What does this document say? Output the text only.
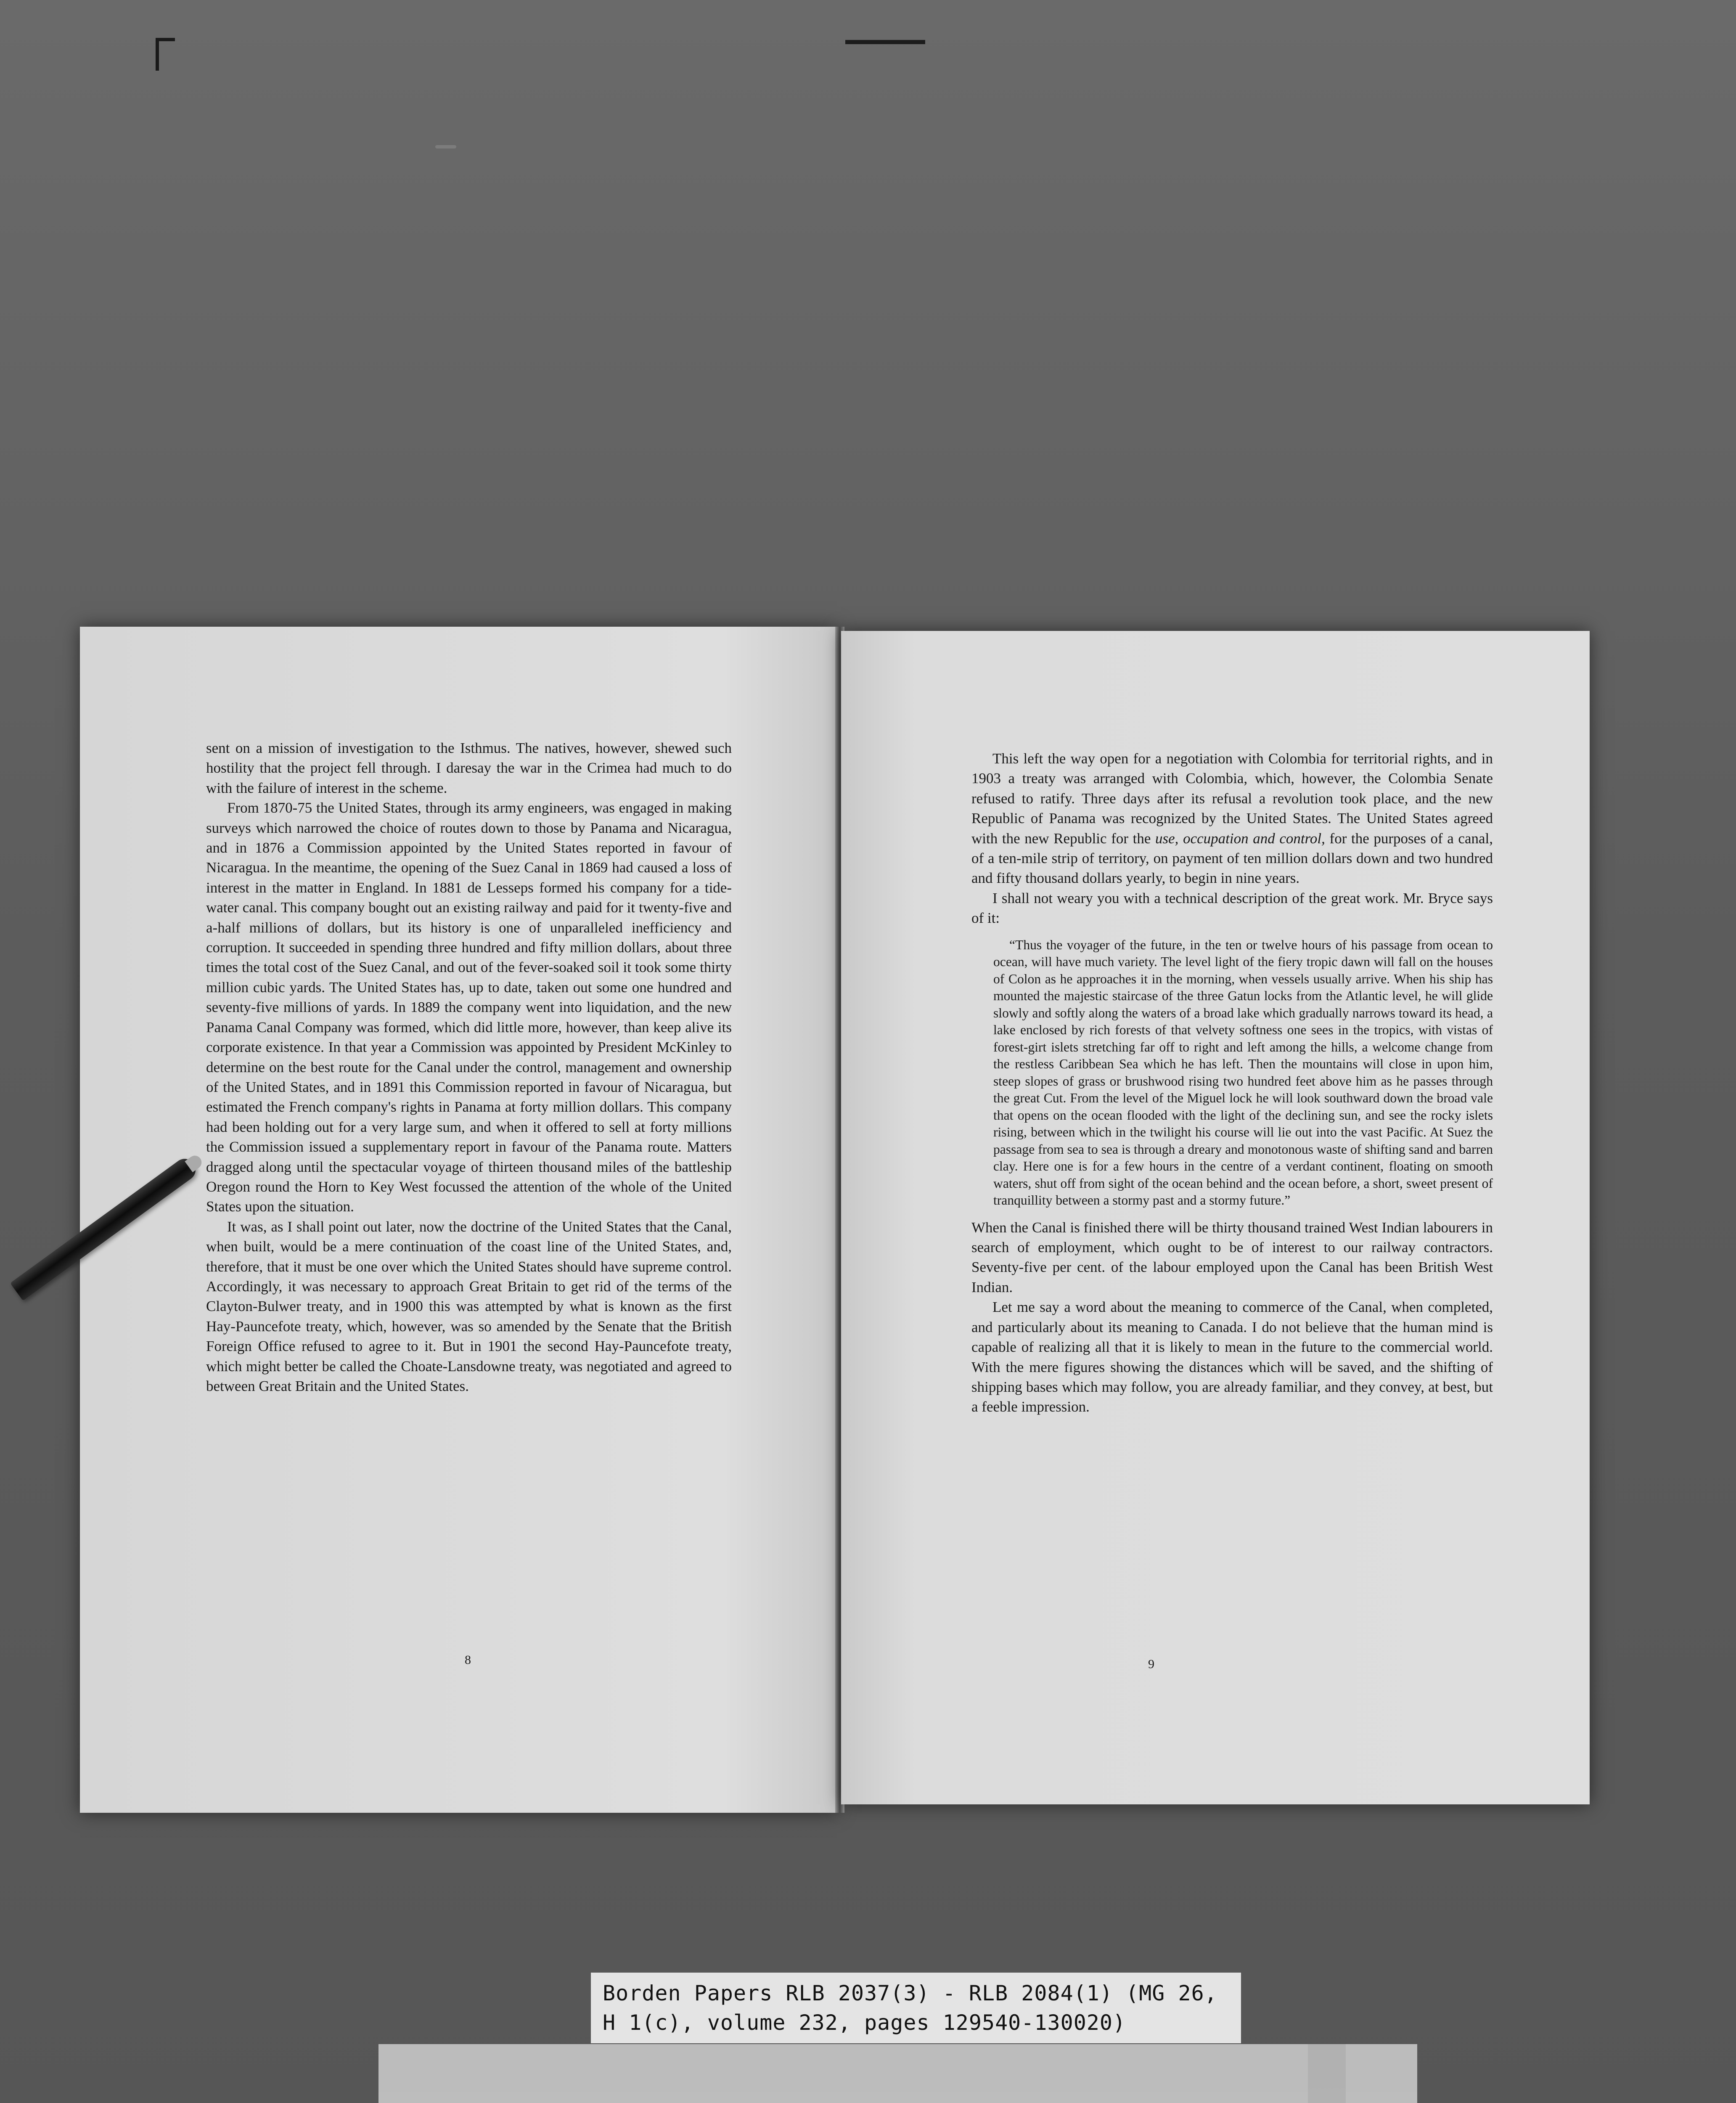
sent on a mission of investigation to the Isthmus. The natives, however, shewed such hostility that the project fell through. I daresay the war in the Crimea had much to do with the failure of interest in the scheme.

From 1870-75 the United States, through its army engineers, was engaged in making surveys which narrowed the choice of routes down to those by Panama and Nicaragua, and in 1876 a Commission appointed by the United States reported in favour of Nicaragua. In the meantime, the opening of the Suez Canal in 1869 had caused a loss of interest in the matter in England. In 1881 de Lesseps formed his company for a tide-water canal. This company bought out an existing railway and paid for it twenty-five and a-half millions of dollars, but its history is one of unparalleled inefficiency and corruption. It succeeded in spending three hundred and fifty million dollars, about three times the total cost of the Suez Canal, and out of the fever-soaked soil it took some thirty million cubic yards. The United States has, up to date, taken out some one hundred and seventy-five millions of yards. In 1889 the company went into liquidation, and the new Panama Canal Company was formed, which did little more, however, than keep alive its corporate existence. In that year a Commission was appointed by President McKinley to determine on the best route for the Canal under the control, management and ownership of the United States, and in 1891 this Commission reported in favour of Nicaragua, but estimated the French company's rights in Panama at forty million dollars. This company had been holding out for a very large sum, and when it offered to sell at forty millions the Commission issued a supplementary report in favour of the Panama route. Matters dragged along until the spectacular voyage of thirteen thousand miles of the battleship Oregon round the Horn to Key West focussed the attention of the whole of the United States upon the situation.

It was, as I shall point out later, now the doctrine of the United States that the Canal, when built, would be a mere continuation of the coast line of the United States, and, therefore, that it must be one over which the United States should have supreme control. Accordingly, it was necessary to approach Great Britain to get rid of the terms of the Clayton-Bulwer treaty, and in 1900 this was attempted by what is known as the first Hay-Pauncefote treaty, which, however, was so amended by the Senate that the British Foreign Office refused to agree to it. But in 1901 the second Hay-Pauncefote treaty, which might better be called the Choate-Lansdowne treaty, was negotiated and agreed to between Great Britain and the United States.

8

This left the way open for a negotiation with Colombia for territorial rights, and in 1903 a treaty was arranged with Colombia, which, however, the Colombia Senate refused to ratify. Three days after its refusal a revolution took place, and the new Republic of Panama was recognized by the United States. The United States agreed with the new Republic for the use, occupation and control, for the purposes of a canal, of a ten-mile strip of territory, on payment of ten million dollars down and two hundred and fifty thousand dollars yearly, to begin in nine years.

I shall not weary you with a technical description of the great work. Mr. Bryce says of it:

“Thus the voyager of the future, in the ten or twelve hours of his passage from ocean to ocean, will have much variety. The level light of the fiery tropic dawn will fall on the houses of Colon as he approaches it in the morning, when vessels usually arrive. When his ship has mounted the majestic staircase of the three Gatun locks from the Atlantic level, he will glide slowly and softly along the waters of a broad lake which gradually narrows toward its head, a lake enclosed by rich forests of that velvety softness one sees in the tropics, with vistas of forest-girt islets stretching far off to right and left among the hills, a welcome change from the restless Caribbean Sea which he has left. Then the mountains will close in upon him, steep slopes of grass or brushwood rising two hundred feet above him as he passes through the great Cut. From the level of the Miguel lock he will look southward down the broad vale that opens on the ocean flooded with the light of the declining sun, and see the rocky islets rising, between which in the twilight his course will lie out into the vast Pacific. At Suez the passage from sea to sea is through a dreary and monotonous waste of shifting sand and barren clay. Here one is for a few hours in the centre of a verdant continent, floating on smooth waters, shut off from sight of the ocean behind and the ocean before, a short, sweet present of tranquillity between a stormy past and a stormy future.”

When the Canal is finished there will be thirty thousand trained West Indian labourers in search of employment, which ought to be of interest to our railway contractors. Seventy-five per cent. of the labour employed upon the Canal has been British West Indian.

Let me say a word about the meaning to commerce of the Canal, when completed, and particularly about its meaning to Canada. I do not believe that the human mind is capable of realizing all that it is likely to mean in the future to the commercial world. With the mere figures showing the distances which will be saved, and the shifting of shipping bases which may follow, you are already familiar, and they convey, at best, but a feeble impression.

9
Borden Papers RLB 2037(3) - RLB 2084(1) (MG 26,
H 1(c), volume 232, pages 129540-130020)
